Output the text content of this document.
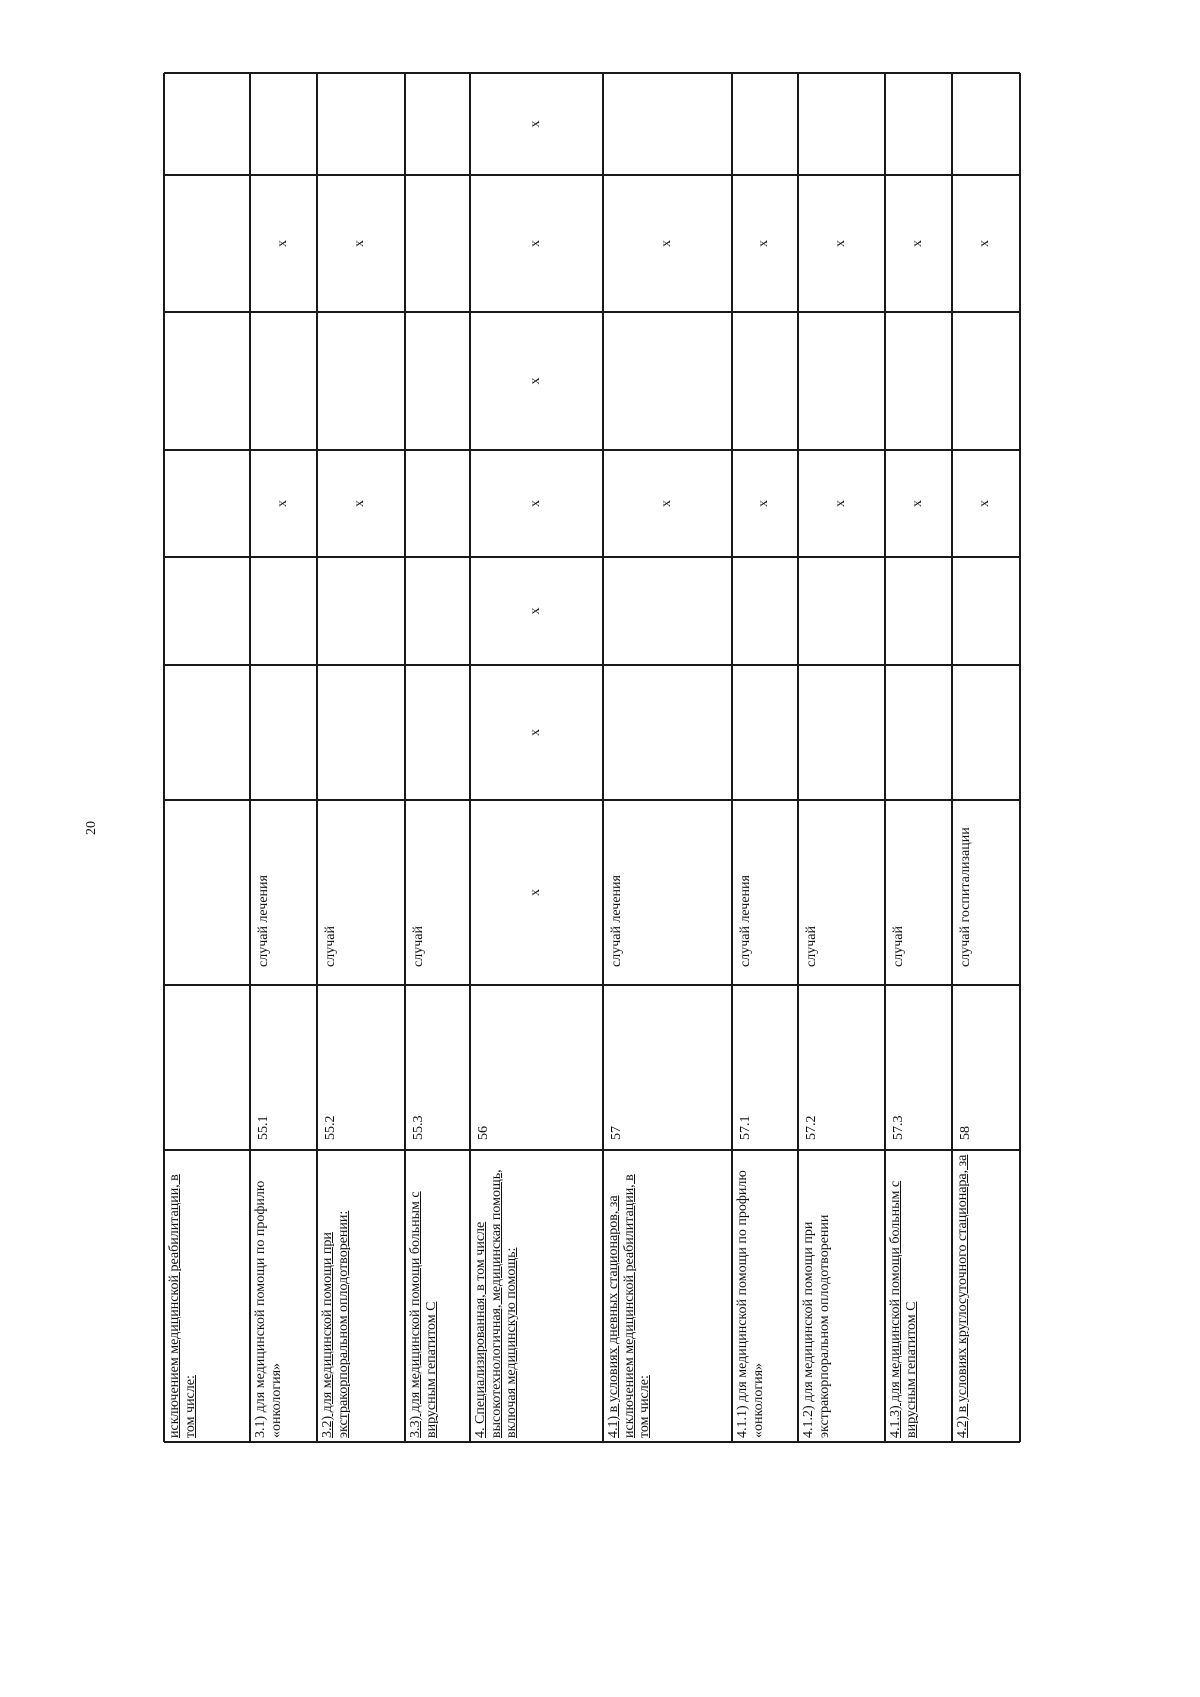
20
исключением медицинской реабилитации, в том числе:	3.1) для медицинской помощи по профилю «онкология»
55.1
случай лечения
х
х
3.2) для медицинской помощи при экстракорпоральном оплодотворении:
55.2
случай
х
х
3.3) для медицинской помощи больным с вирусным гепатитом С
55.3
случай
4. Специализированная, в том числе высокотехнологичная, медицинская помощь, включая медицинскую помощь:
56
х
х
х
х
х
х
х
4.1) в условиях дневных стационаров, за исключением медицинской реабилитации, в том числе:
57
случай лечения
х
х
4.1.1) для медицинской помощи по профилю «онкология»
57.1
случай лечения
х
х
4.1.2) для медицинской помощи при экстракорпоральном оплодотворении
57.2
случай
х
х
4.1.3) для медицинской помощи больным с вирусным гепатитом С
57.3
случай
х
х
4.2) в условиях круглосуточного стационара, за
58
случай госпитализации
х
х
